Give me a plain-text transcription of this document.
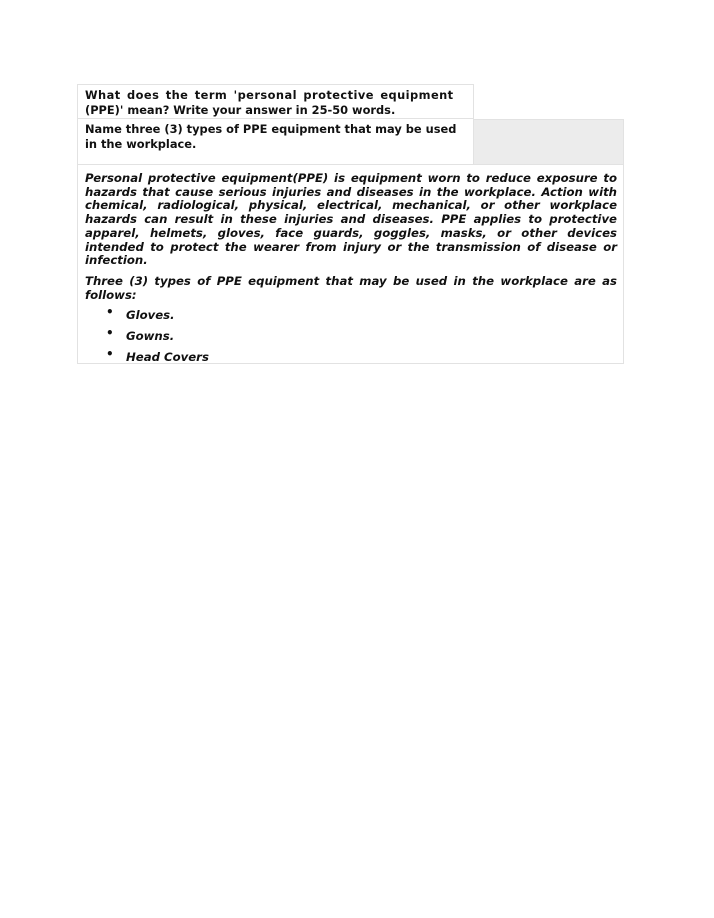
What does the term 'personal protective equipment
(PPE)' mean? Write your answer in 25-50 words.
Name three (3) types of PPE equipment that may be used
in the workplace.

Personal protective equipment(PPE) is equipment worn to reduce exposure to hazards that cause serious injuries and diseases in the workplace. Action with chemical, radiological, physical, electrical, mechanical, or other workplace hazards can result in these injuries and diseases. PPE applies to protective apparel, helmets, gloves, face guards, goggles, masks, or other devices intended to protect the wearer from injury or the transmission of disease or infection.

Three (3) types of PPE equipment that may be used in the workplace are as follows:

• Gloves.
• Gowns.
• Head Covers
